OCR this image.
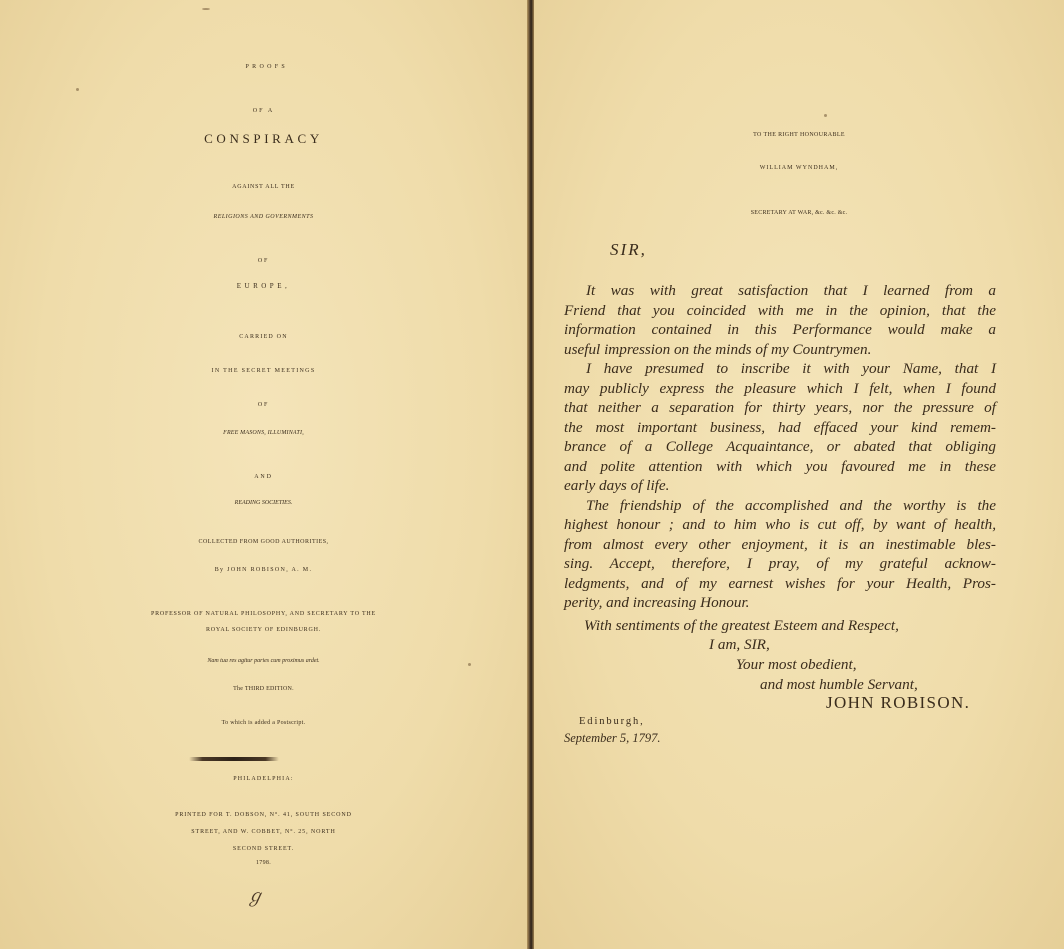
PROOFS
OF A
CONSPIRACY
AGAINST ALL THE
RELIGIONS AND GOVERNMENTS
OF
EUROPE,
CARRIED ON
IN THE SECRET MEETINGS
OF
FREE MASONS, ILLUMINATI,
AND
READING SOCIETIES.
COLLECTED FROM GOOD AUTHORITIES,
By JOHN ROBISON, A. M.
PROFESSOR OF NATURAL PHILOSOPHY, AND SECRETARY TO THE
ROYAL SOCIETY OF EDINBURGH.
Nam tua res agitur paries cum proximus ardet.
The THIRD EDITION.
To which is added a Postscript.
PHILADELPHIA:
PRINTED FOR T. DOBSON, N°. 41, SOUTH SECOND
STREET, AND W. COBBET, N°. 25, NORTH
SECOND STREET.
1798.
ℊ
TO THE RIGHT HONOURABLE
WILLIAM WYNDHAM,
SECRETARY AT WAR, &c. &c. &c.
SIR,
It was with great satisfaction that I learned from a
Friend that you coincided with me in the opinion, that the
information contained in this Performance would make a
useful impression on the minds of my Countrymen.
I have presumed to inscribe it with your Name, that I
may publicly express the pleasure which I felt, when I found
that neither a separation for thirty years, nor the pressure of
the most important business, had effaced your kind remem-
brance of a College Acquaintance, or abated that obliging
and polite attention with which you favoured me in these
early days of life.
The friendship of the accomplished and the worthy is the
highest honour ; and to him who is cut off, by want of health,
from almost every other enjoyment, it is an inestimable bles-
sing. Accept, therefore, I pray, of my grateful acknow-
ledgments, and of my earnest wishes for your Health, Pros-
perity, and increasing Honour.
With sentiments of the greatest Esteem and Respect,
I am, SIR,
Your most obedient,
and most humble Servant,
JOHN ROBISON.
Edinburgh,
September 5, 1797.
